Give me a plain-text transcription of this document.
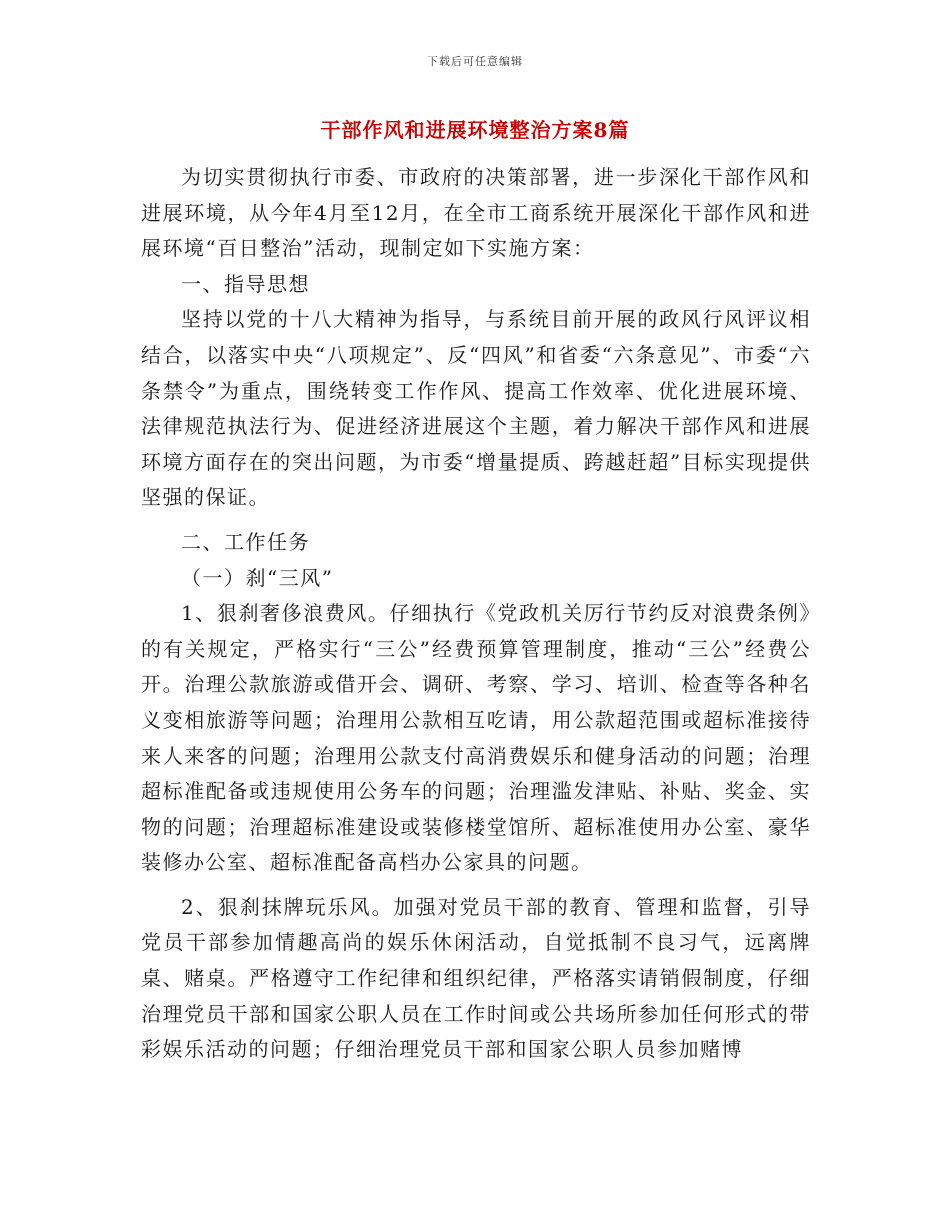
下载后可任意编辑
干部作风和进展环境整治方案8篇

为切实贯彻执行市委、市政府的决策部署，进一步深化干部作风和进展环境，从今年4月至12月，在全市工商系统开展深化干部作风和进展环境“百日整治”活动，现制定如下实施方案：

一、指导思想

坚持以党的十八大精神为指导，与系统目前开展的政风行风评议相结合，以落实中央“八项规定”、反“四风”和省委“六条意见”、市委“六条禁令”为重点，围绕转变工作作风、提高工作效率、优化进展环境、法律规范执法行为、促进经济进展这个主题，着力解决干部作风和进展环境方面存在的突出问题，为市委“增量提质、跨越赶超”目标实现提供坚强的保证。

二、工作任务

（一）刹“三风”

1、狠刹奢侈浪费风。仔细执行《党政机关厉行节约反对浪费条例》的有关规定，严格实行“三公”经费预算管理制度，推动“三公”经费公开。治理公款旅游或借开会、调研、考察、学习、培训、检查等各种名义变相旅游等问题；治理用公款相互吃请，用公款超范围或超标准接待来人来客的问题；治理用公款支付高消费娱乐和健身活动的问题；治理超标准配备或违规使用公务车的问题；治理滥发津贴、补贴、奖金、实物的问题；治理超标准建设或装修楼堂馆所、超标准使用办公室、豪华装修办公室、超标准配备高档办公家具的问题。

2、狠刹抹牌玩乐风。加强对党员干部的教育、管理和监督，引导党员干部参加情趣高尚的娱乐休闲活动，自觉抵制不良习气，远离牌桌、赌桌。严格遵守工作纪律和组织纪律，严格落实请销假制度，仔细治理党员干部和国家公职人员在工作时间或公共场所参加任何形式的带彩娱乐活动的问题；仔细治理党员干部和国家公职人员参加赌博
